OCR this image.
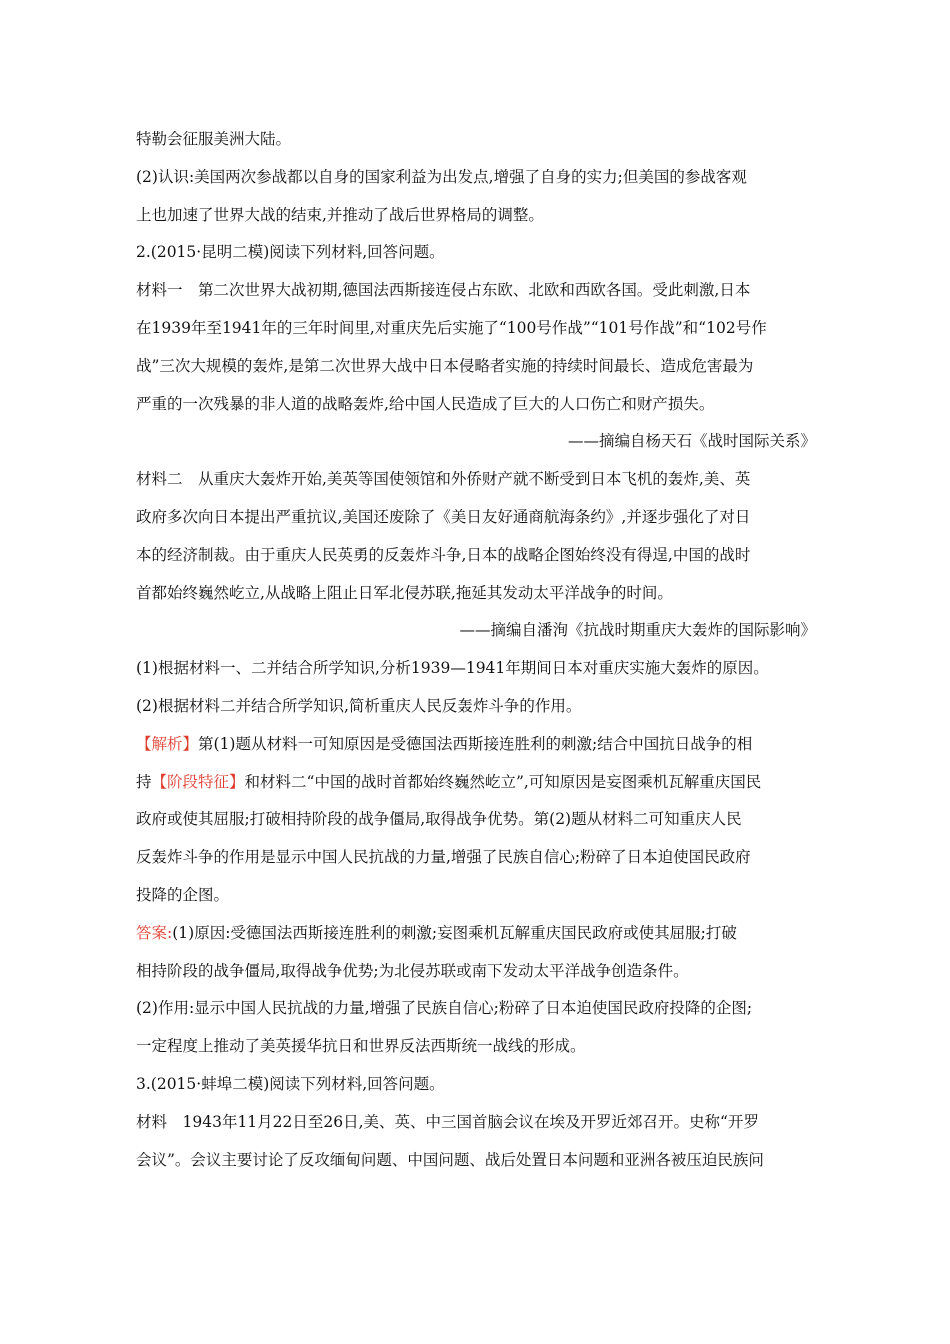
特勒会征服美洲大陆。
(2)认识:美国两次参战都以自身的国家利益为出发点,增强了自身的实力;但美国的参战客观
上也加速了世界大战的结束,并推动了战后世界格局的调整。
2.(2015·昆明二模)阅读下列材料,回答问题。
材料一　第二次世界大战初期,德国法西斯接连侵占东欧、北欧和西欧各国。受此刺激,日本
在1939年至1941年的三年时间里,对重庆先后实施了“100号作战”“101号作战”和“102号作
战”三次大规模的轰炸,是第二次世界大战中日本侵略者实施的持续时间最长、造成危害最为
严重的一次残暴的非人道的战略轰炸,给中国人民造成了巨大的人口伤亡和财产损失。
——摘编自杨天石《战时国际关系》
材料二　从重庆大轰炸开始,美英等国使领馆和外侨财产就不断受到日本飞机的轰炸,美、英
政府多次向日本提出严重抗议,美国还废除了《美日友好通商航海条约》,并逐步强化了对日
本的经济制裁。由于重庆人民英勇的反轰炸斗争,日本的战略企图始终没有得逞,中国的战时
首都始终巍然屹立,从战略上阻止日军北侵苏联,拖延其发动太平洋战争的时间。
——摘编自潘洵《抗战时期重庆大轰炸的国际影响》
(1)根据材料一、二并结合所学知识,分析1939—1941年期间日本对重庆实施大轰炸的原因。
(2)根据材料二并结合所学知识,简析重庆人民反轰炸斗争的作用。
【解析】第(1)题从材料一可知原因是受德国法西斯接连胜利的刺激;结合中国抗日战争的相
持【阶段特征】和材料二“中国的战时首都始终巍然屹立”,可知原因是妄图乘机瓦解重庆国民
政府或使其屈服;打破相持阶段的战争僵局,取得战争优势。第(2)题从材料二可知重庆人民
反轰炸斗争的作用是显示中国人民抗战的力量,增强了民族自信心;粉碎了日本迫使国民政府
投降的企图。
答案:(1)原因:受德国法西斯接连胜利的刺激;妄图乘机瓦解重庆国民政府或使其屈服;打破
相持阶段的战争僵局,取得战争优势;为北侵苏联或南下发动太平洋战争创造条件。
(2)作用:显示中国人民抗战的力量,增强了民族自信心;粉碎了日本迫使国民政府投降的企图;
一定程度上推动了美英援华抗日和世界反法西斯统一战线的形成。
3.(2015·蚌埠二模)阅读下列材料,回答问题。
材料　1943年11月22日至26日,美、英、中三国首脑会议在埃及开罗近郊召开。史称“开罗
会议”。会议主要讨论了反攻缅甸问题、中国问题、战后处置日本问题和亚洲各被压迫民族问
